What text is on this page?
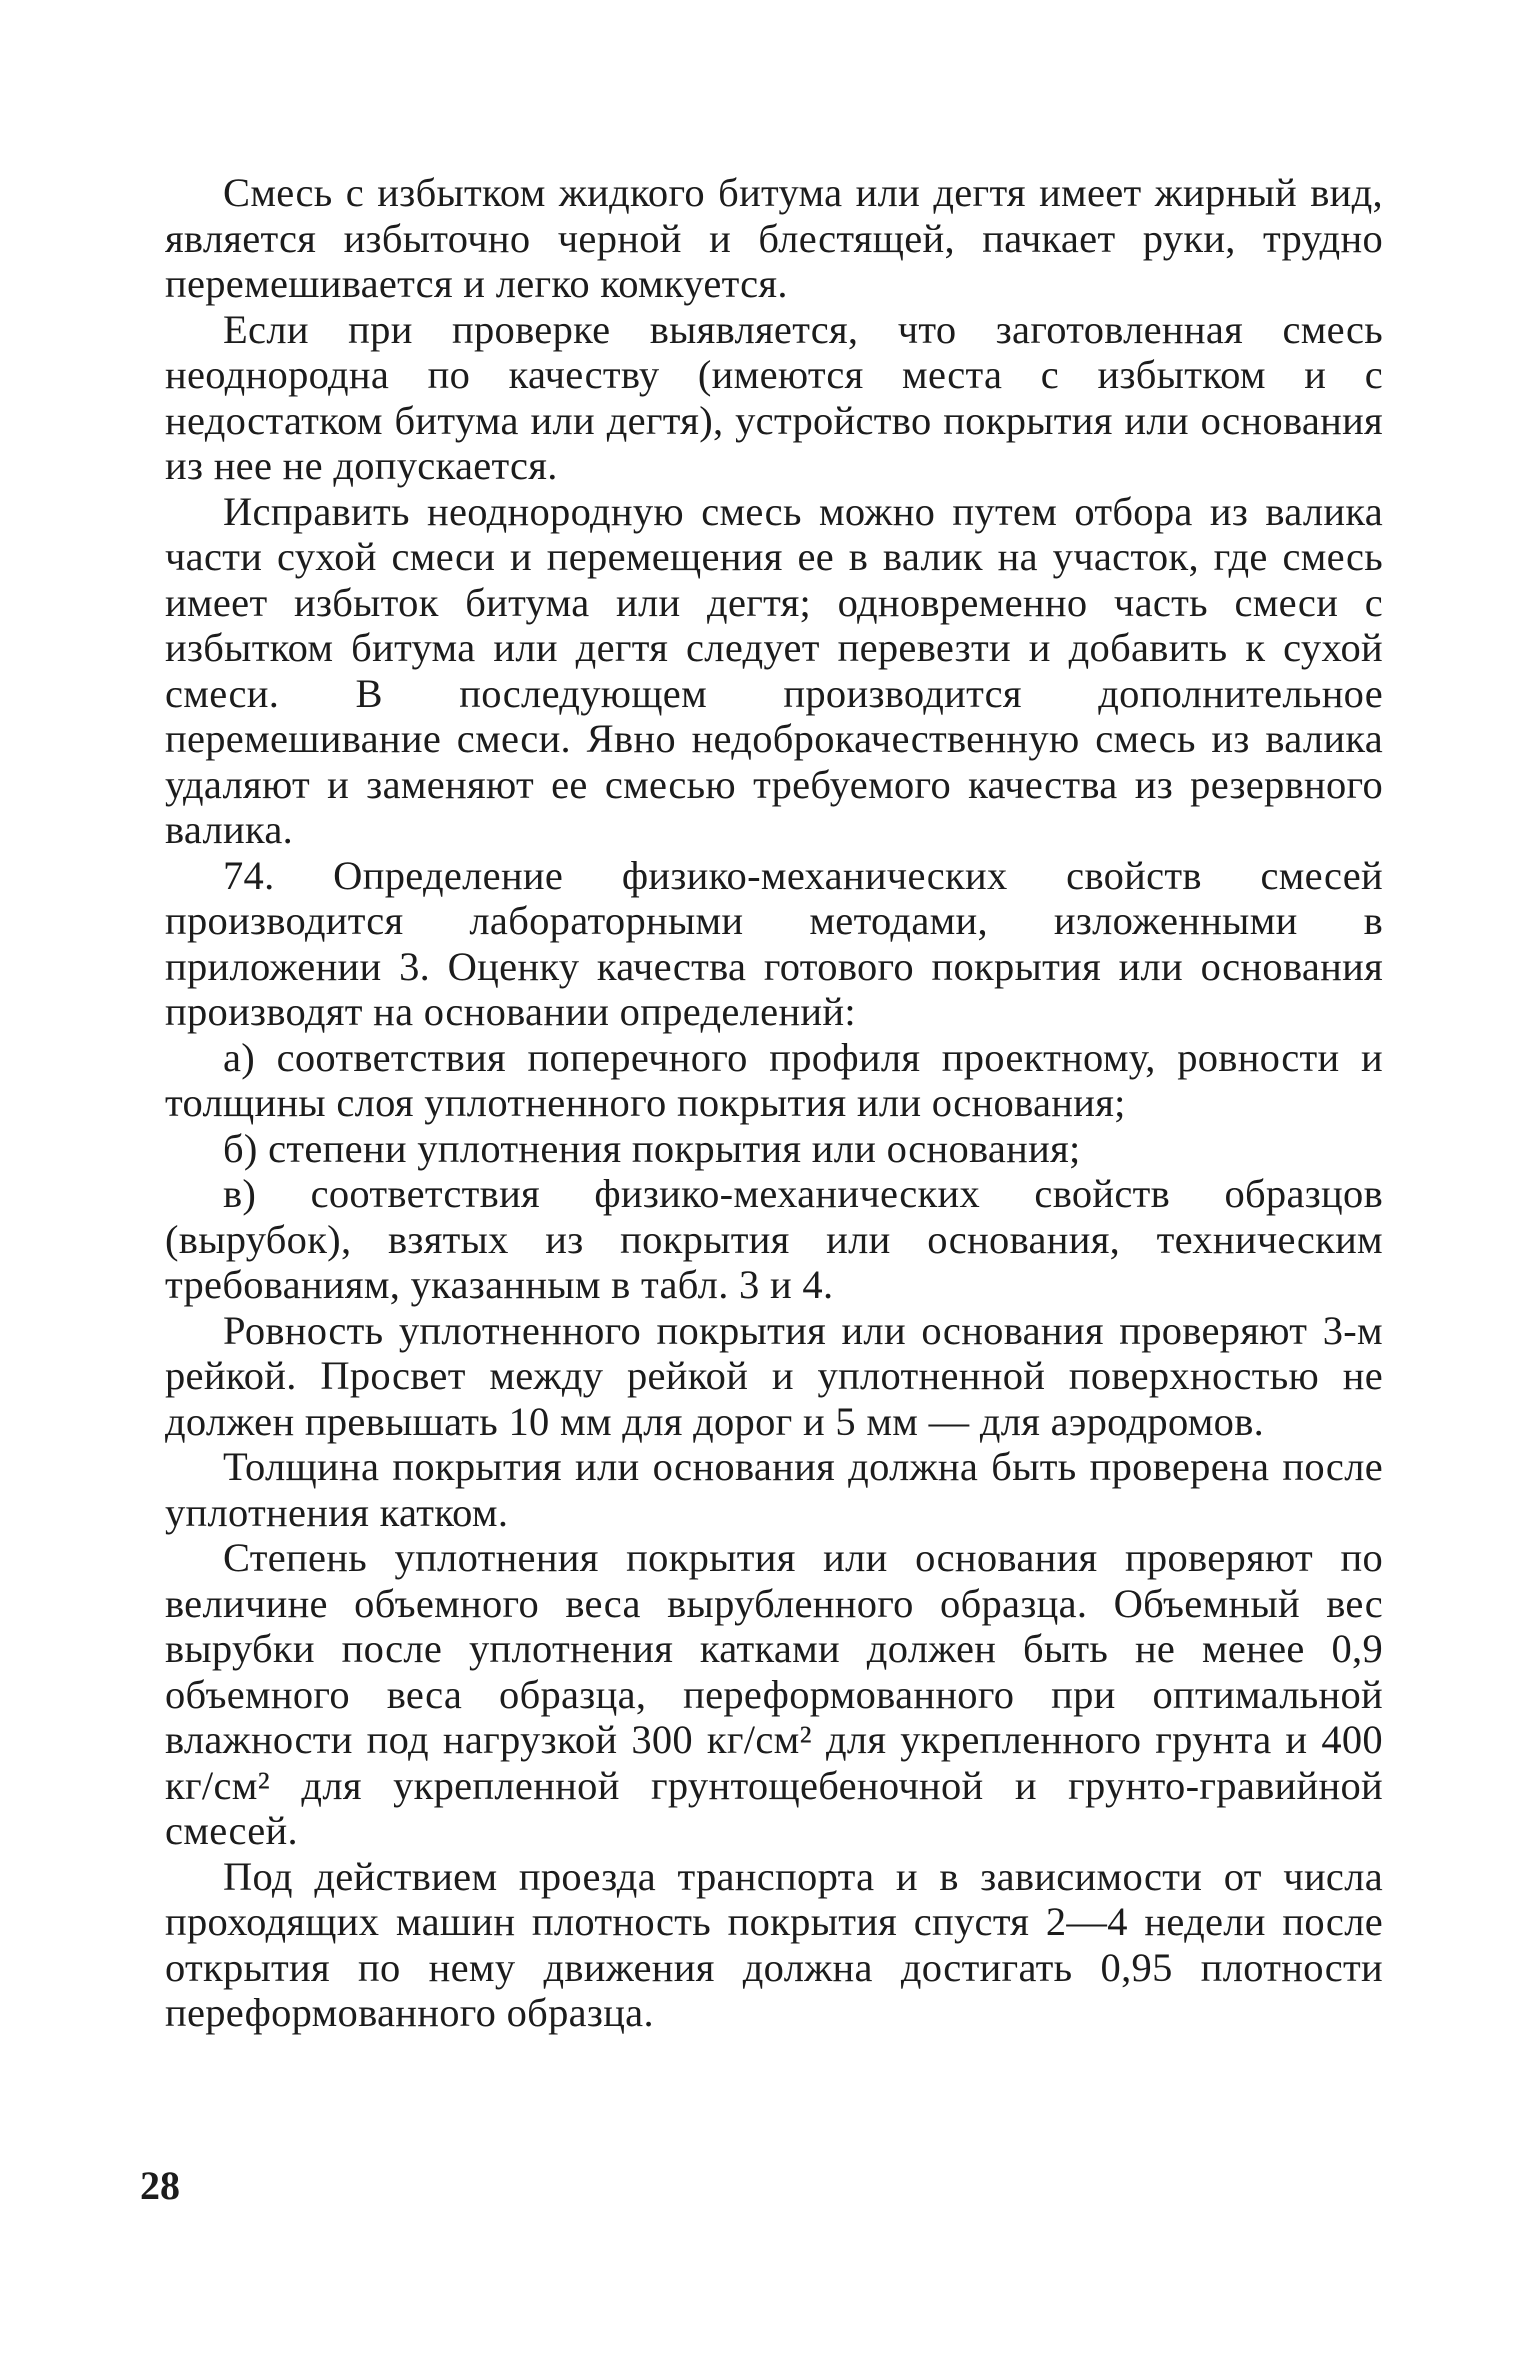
Смесь с избытком жидкого битума или дегтя имеет жирный вид, является избыточно черной и блестящей, пачкает руки, трудно перемешивается и легко комкуется.

Если при проверке выявляется, что заготовленная смесь неоднородна по качеству (имеются места с избытком и с недостатком битума или дегтя), устройство покрытия или основания из нее не допускается.

Исправить неоднородную смесь можно путем отбора из валика части сухой смеси и перемещения ее в валик на участок, где смесь имеет избыток битума или дегтя; одновременно часть смеси с избытком битума или дегтя следует перевезти и добавить к сухой смеси. В последующем производится дополнительное перемешивание смеси. Явно недоброкачественную смесь из валика удаляют и заменяют ее смесью требуемого качества из резервного валика.

74. Определение физико-механических свойств смесей производится лабораторными методами, изложенными в приложении 3. Оценку качества готового покрытия или основания производят на основании определений:

а) соответствия поперечного профиля проектному, ровности и толщины слоя уплотненного покрытия или основания;

б) степени уплотнения покрытия или основания;

в) соответствия физико-механических свойств образцов (вырубок), взятых из покрытия или основания, техническим требованиям, указанным в табл. 3 и 4.

Ровность уплотненного покрытия или основания проверяют 3-м рейкой. Просвет между рейкой и уплотненной поверхностью не должен превышать 10 мм для дорог и 5 мм — для аэродромов.

Толщина покрытия или основания должна быть проверена после уплотнения катком.

Степень уплотнения покрытия или основания проверяют по величине объемного веса вырубленного образца. Объемный вес вырубки после уплотнения катками должен быть не менее 0,9 объемного веса образца, переформованного при оптимальной влажности под нагрузкой 300 кг/см² для укрепленного грунта и 400 кг/см² для укрепленной грунтощебеночной и грунто-гравийной смесей.

Под действием проезда транспорта и в зависимости от числа проходящих машин плотность покрытия спустя 2—4 недели после открытия по нему движения должна достигать 0,95 плотности переформованного образца.

28
